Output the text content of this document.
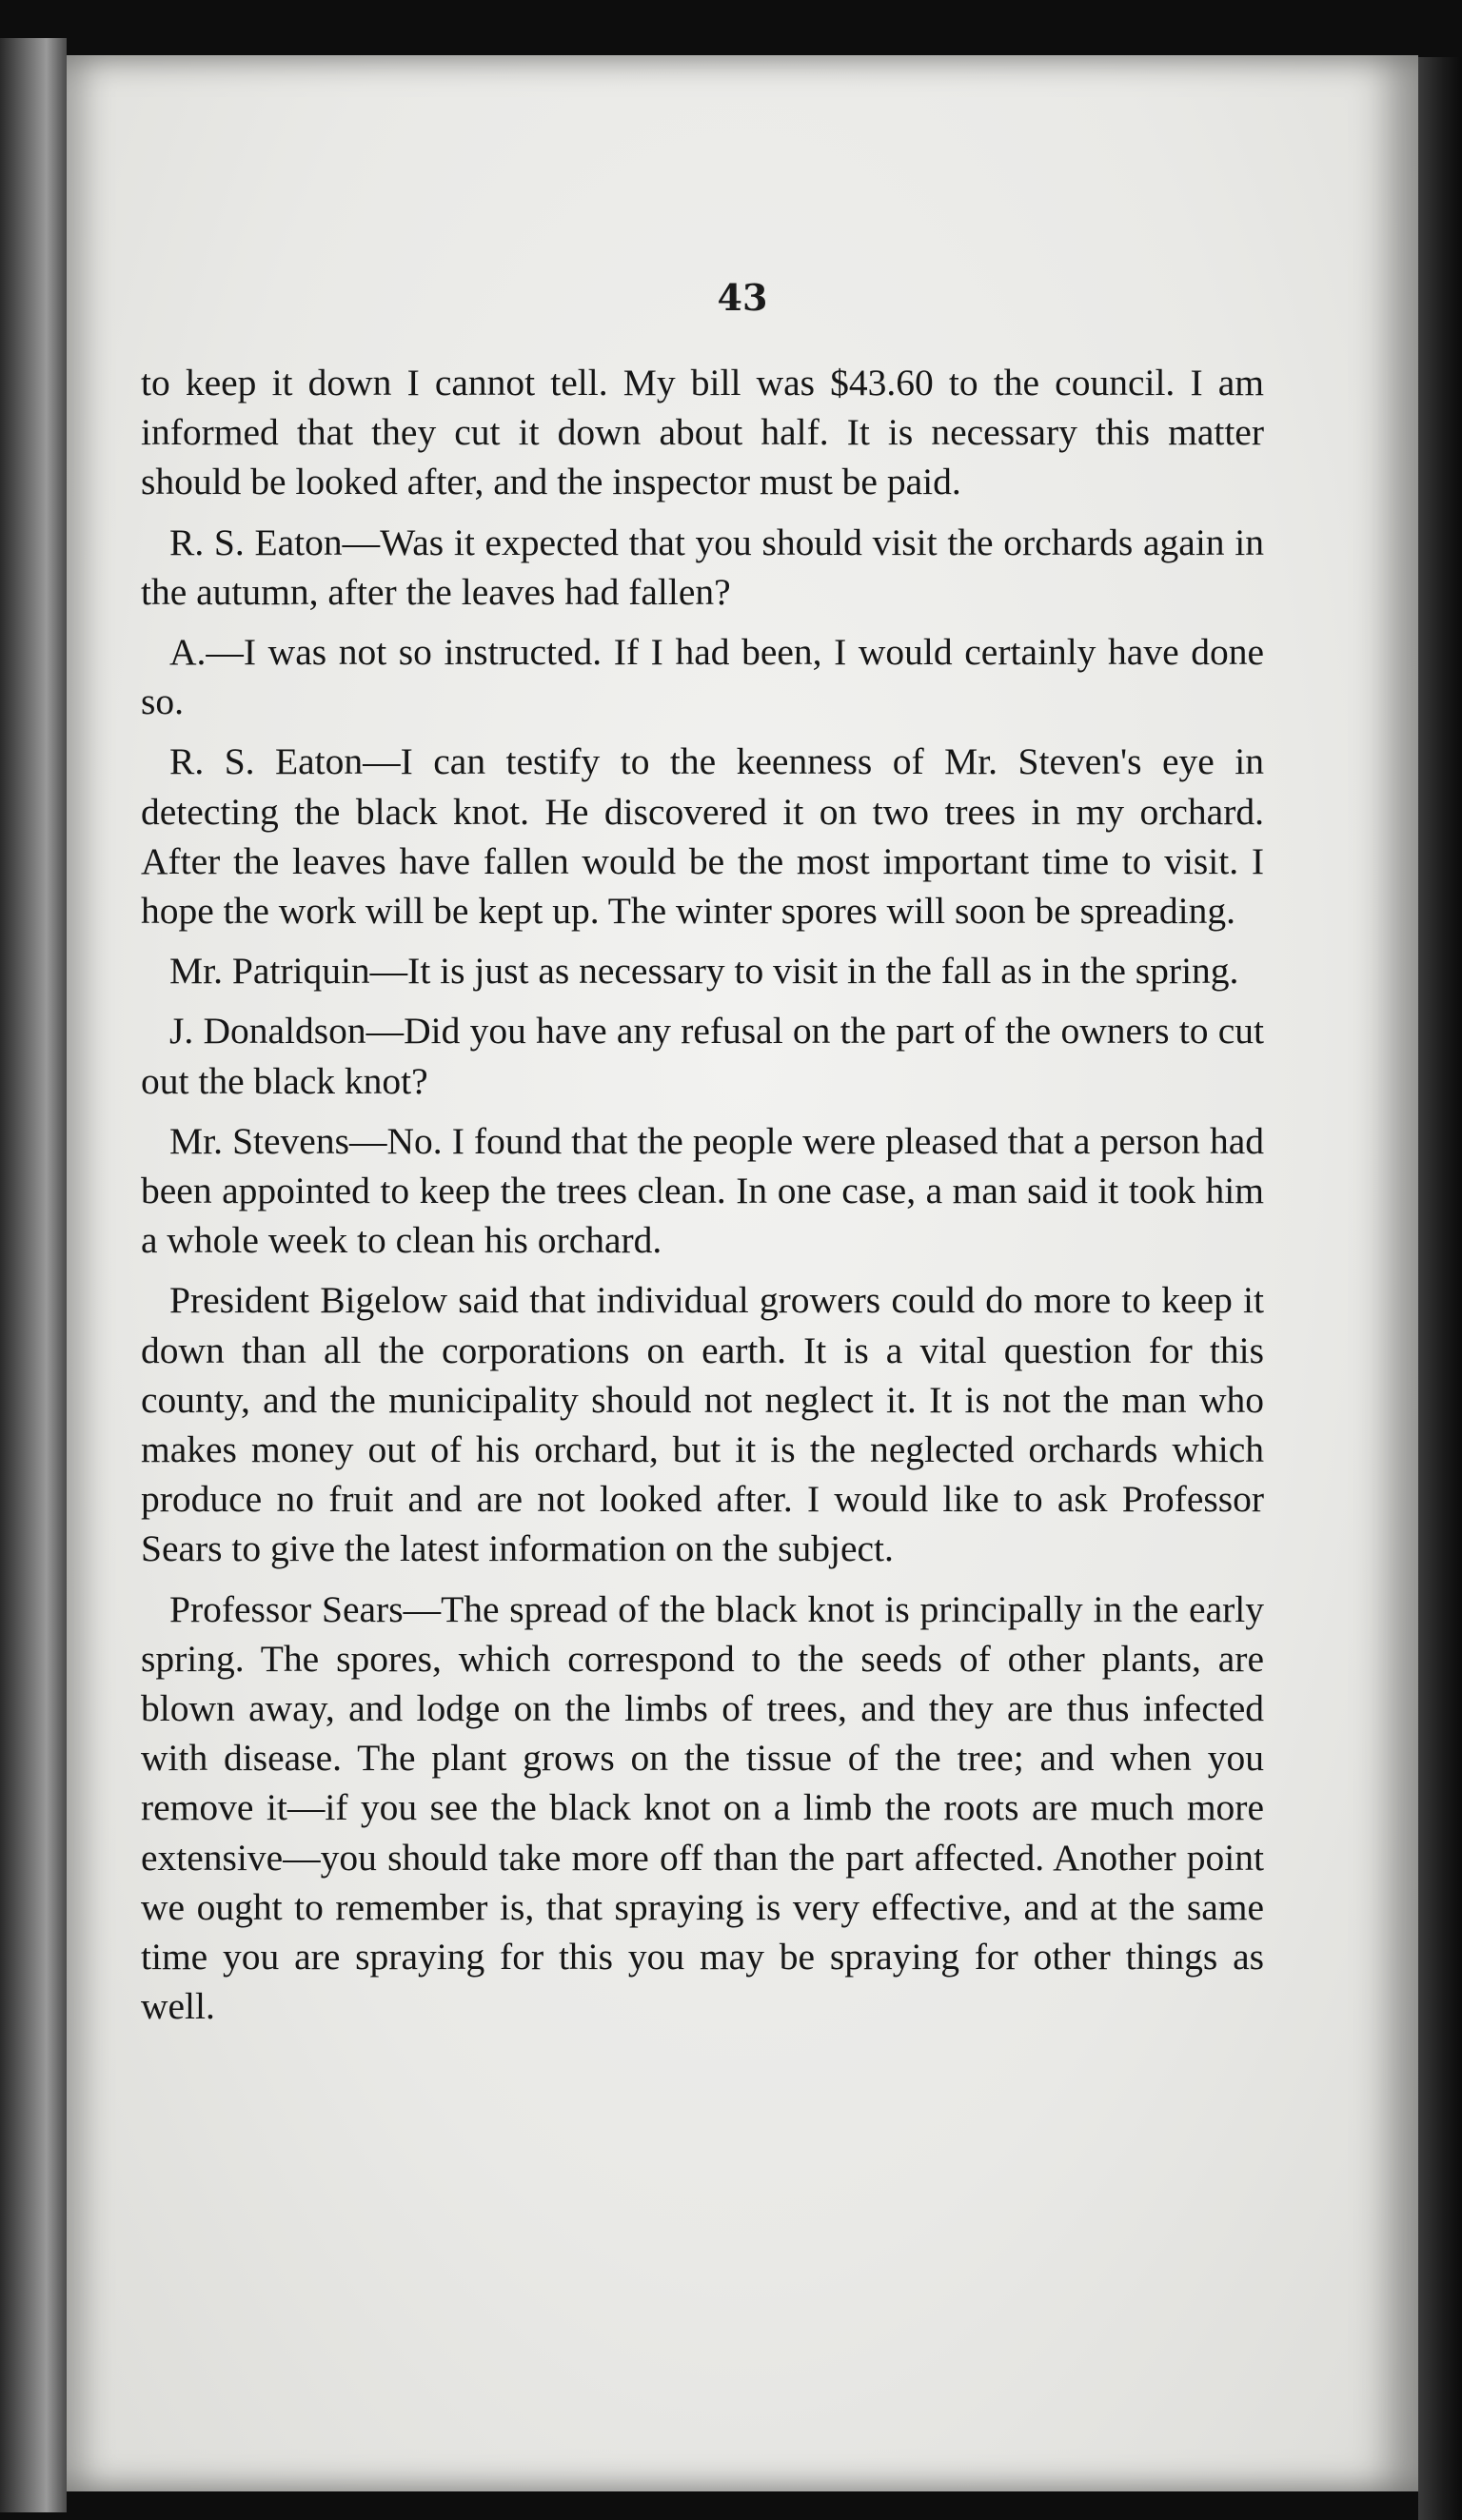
43

to keep it down I cannot tell. My bill was $43.60 to the council. I am informed that they cut it down about half. It is necessary this matter should be looked after, and the inspector must be paid.

R. S. Eaton—Was it expected that you should visit the orchards again in the autumn, after the leaves had fallen?

A.—I was not so instructed. If I had been, I would certainly have done so.

R. S. Eaton—I can testify to the keenness of Mr. Steven's eye in detecting the black knot. He discovered it on two trees in my orchard. After the leaves have fallen would be the most important time to visit. I hope the work will be kept up. The winter spores will soon be spreading.

Mr. Patriquin—It is just as necessary to visit in the fall as in the spring.

J. Donaldson—Did you have any refusal on the part of the owners to cut out the black knot?

Mr. Stevens—No. I found that the people were pleased that a person had been appointed to keep the trees clean. In one case, a man said it took him a whole week to clean his orchard.

President Bigelow said that individual growers could do more to keep it down than all the corporations on earth. It is a vital question for this county, and the municipality should not neglect it. It is not the man who makes money out of his orchard, but it is the neglected orchards which produce no fruit and are not looked after. I would like to ask Professor Sears to give the latest information on the subject.

Professor Sears—The spread of the black knot is principally in the early spring. The spores, which correspond to the seeds of other plants, are blown away, and lodge on the limbs of trees, and they are thus infected with disease. The plant grows on the tissue of the tree; and when you remove it—if you see the black knot on a limb the roots are much more extensive—you should take more off than the part affected. Another point we ought to remember is, that spraying is very effective, and at the same time you are spraying for this you may be spraying for other things as well.
